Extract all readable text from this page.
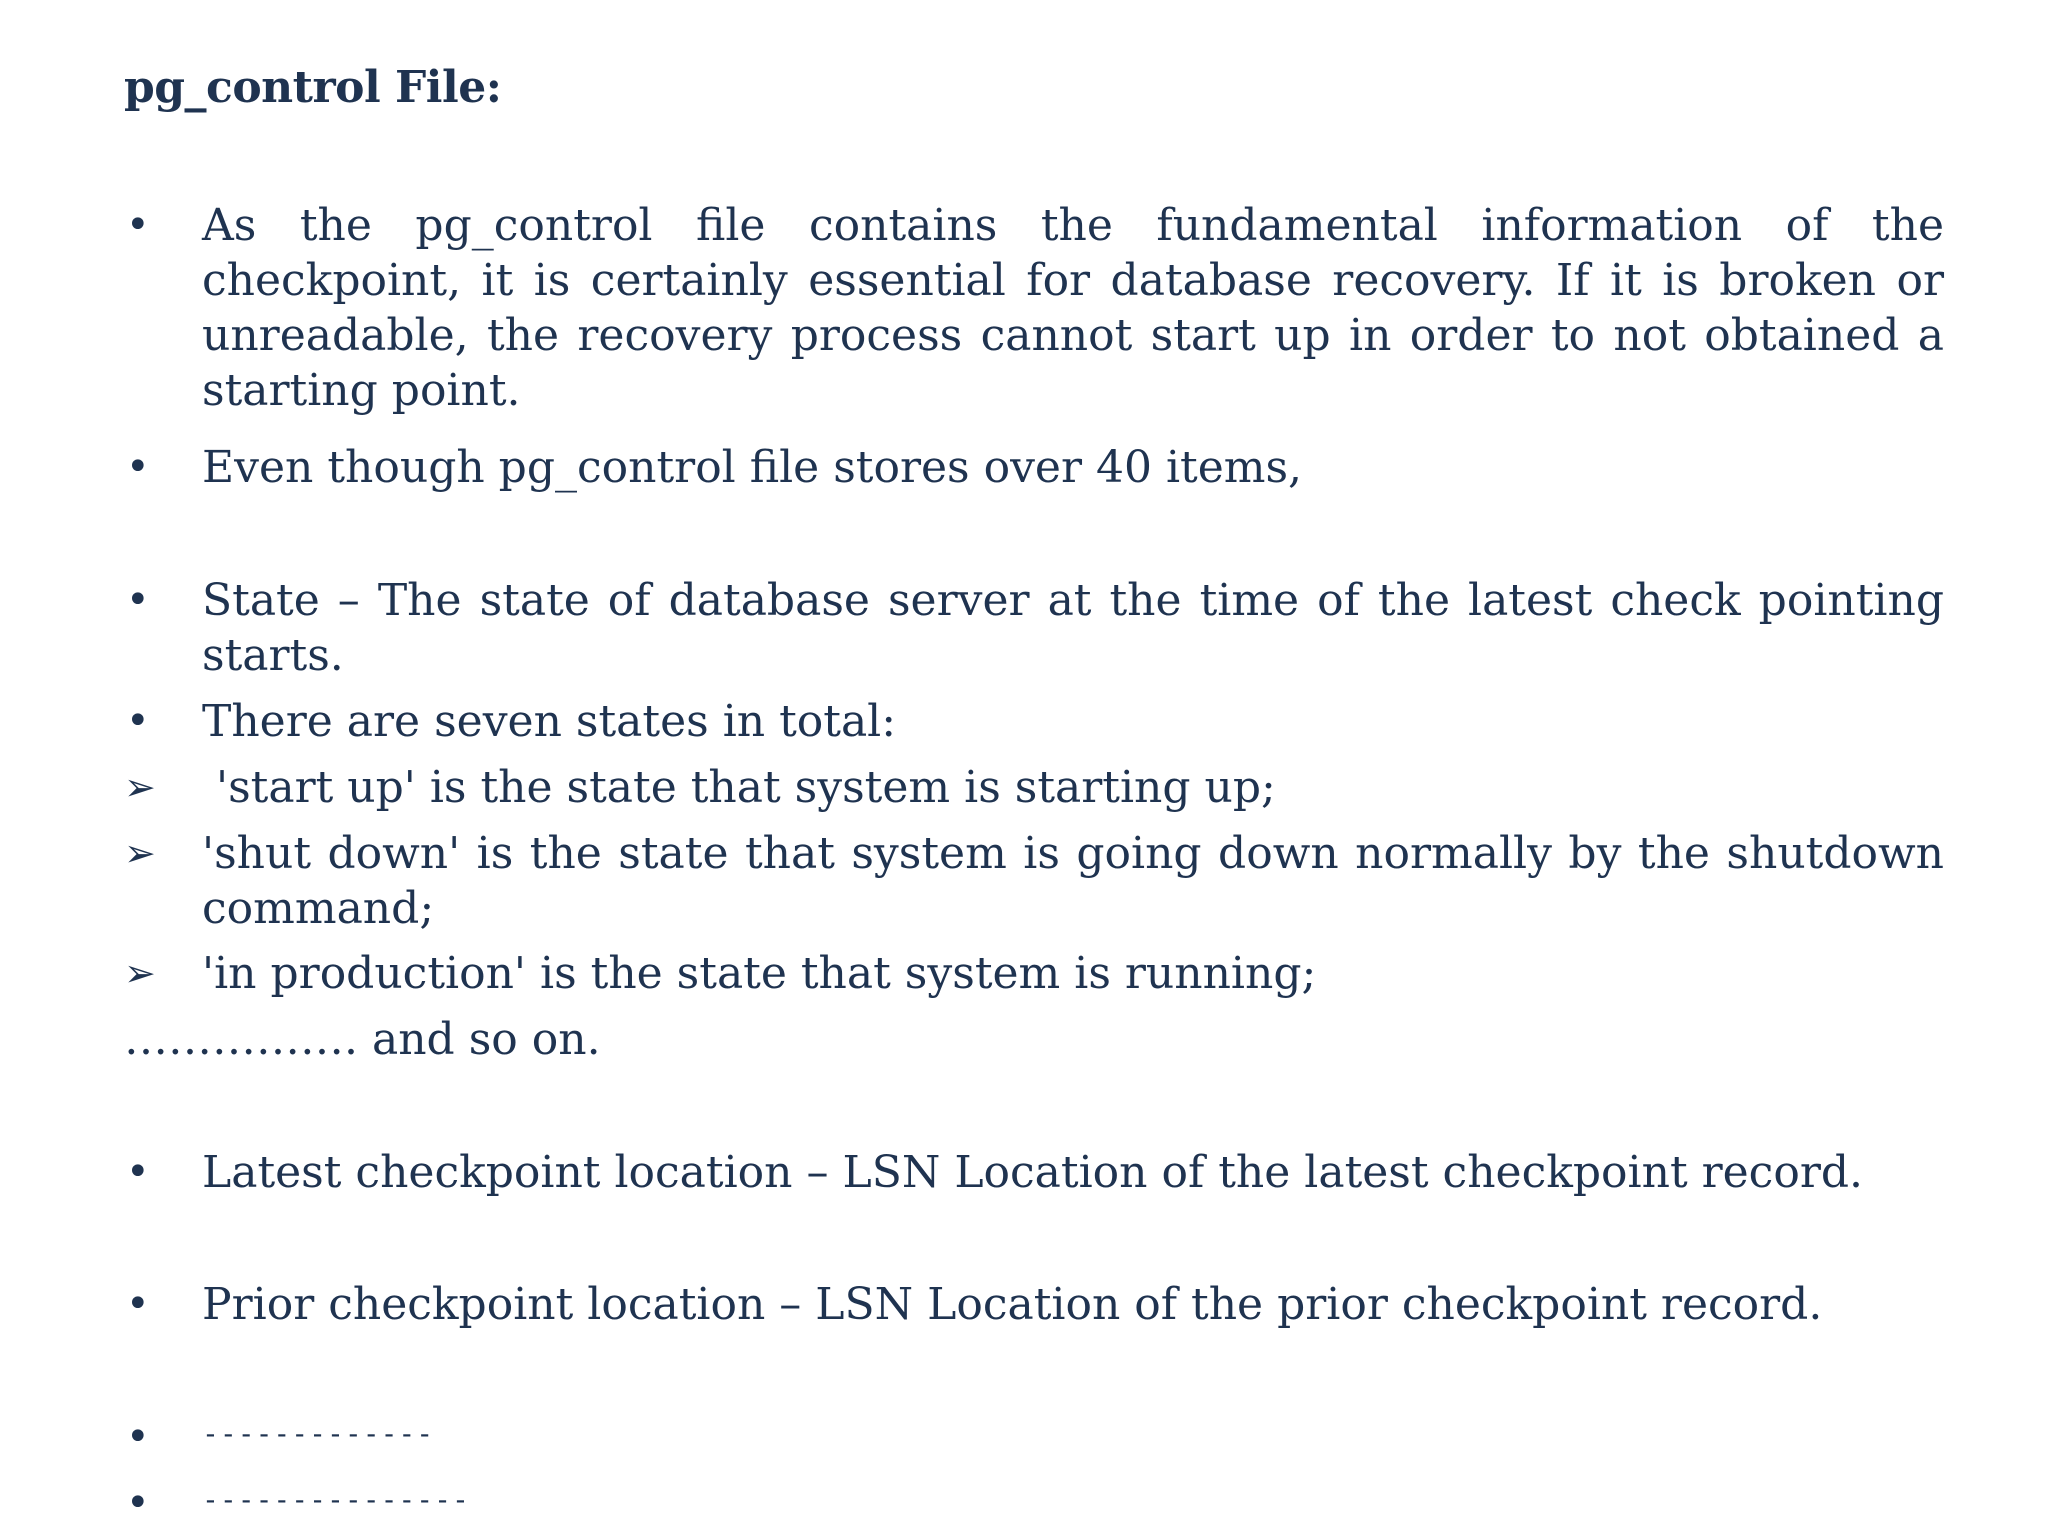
pg_control File:
•	As the pg_control file contains the fundamental information of the checkpoint, it is certainly essential for database recovery. If it is broken or unreadable, the recovery process cannot start up in order to not obtained a starting point.
•	Even though pg_control file stores over 40 items,
•	State – The state of database server at the time of the latest check pointing starts.
•	There are seven states in total:
➢	'start up' is the state that system is starting up;
➢	'shut down' is the state that system is going down normally by the shutdown command;
➢	'in production' is the state that system is running;
……………. and so on.
•	Latest checkpoint location – LSN Location of the latest checkpoint record.
•	Prior checkpoint location – LSN Location of the prior checkpoint record.
•	-------------
•	---------------
